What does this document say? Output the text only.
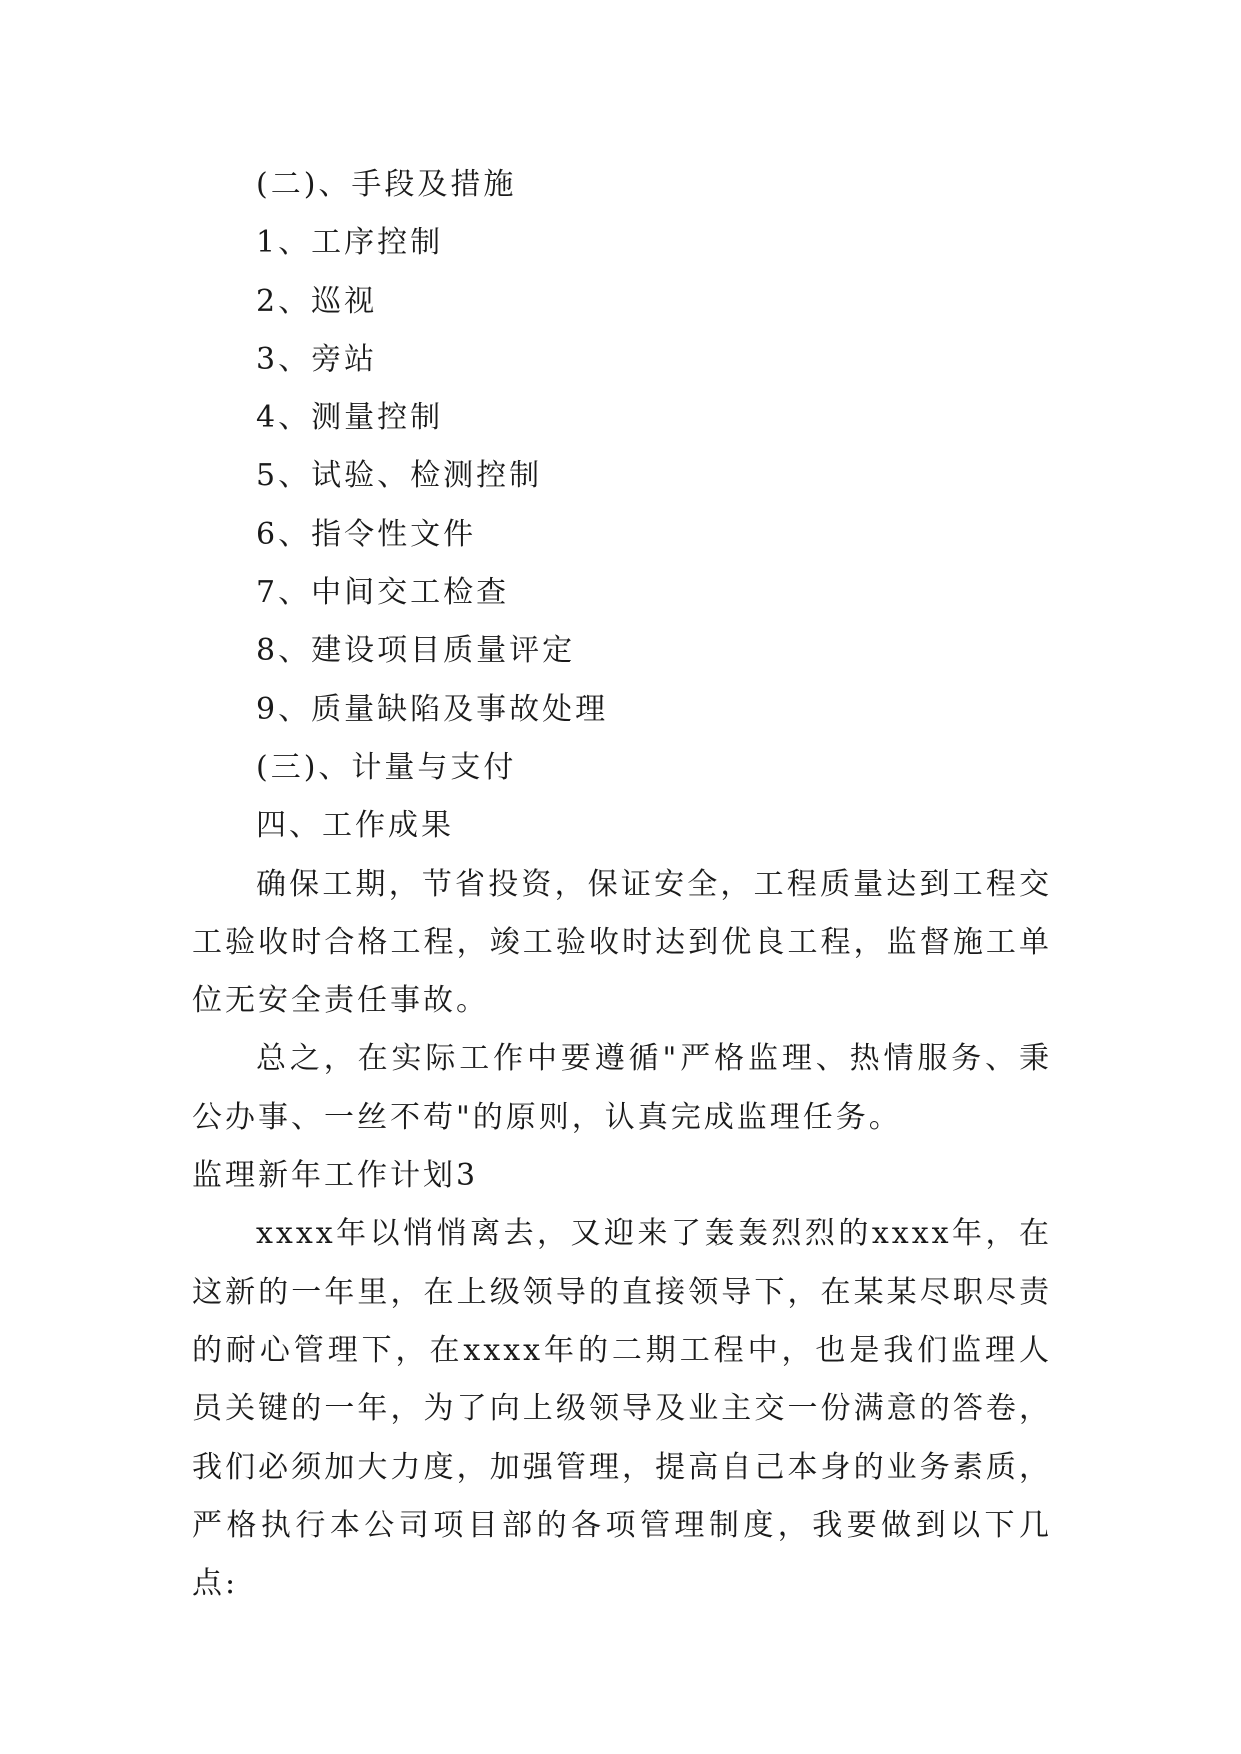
(二)、手段及措施
1、工序控制
2、巡视
3、旁站
4、测量控制
5、试验、检测控制
6、指令性文件
7、中间交工检查
8、建设项目质量评定
9、质量缺陷及事故处理
(三)、计量与支付
四、工作成果

确保工期，节省投资，保证安全，工程质量达到工程交工验收时合格工程，竣工验收时达到优良工程，监督施工单位无安全责任事故。

总之，在实际工作中要遵循"严格监理、热情服务、秉公办事、一丝不苟"的原则，认真完成监理任务。

监理新年工作计划3

xxxx年以悄悄离去，又迎来了轰轰烈烈的xxxx年，在这新的一年里，在上级领导的直接领导下，在某某尽职尽责的耐心管理下，在xxxx年的二期工程中，也是我们监理人员关键的一年，为了向上级领导及业主交一份满意的答卷，我们必须加大力度，加强管理，提高自己本身的业务素质，严格执行本公司项目部的各项管理制度，我要做到以下几点:
